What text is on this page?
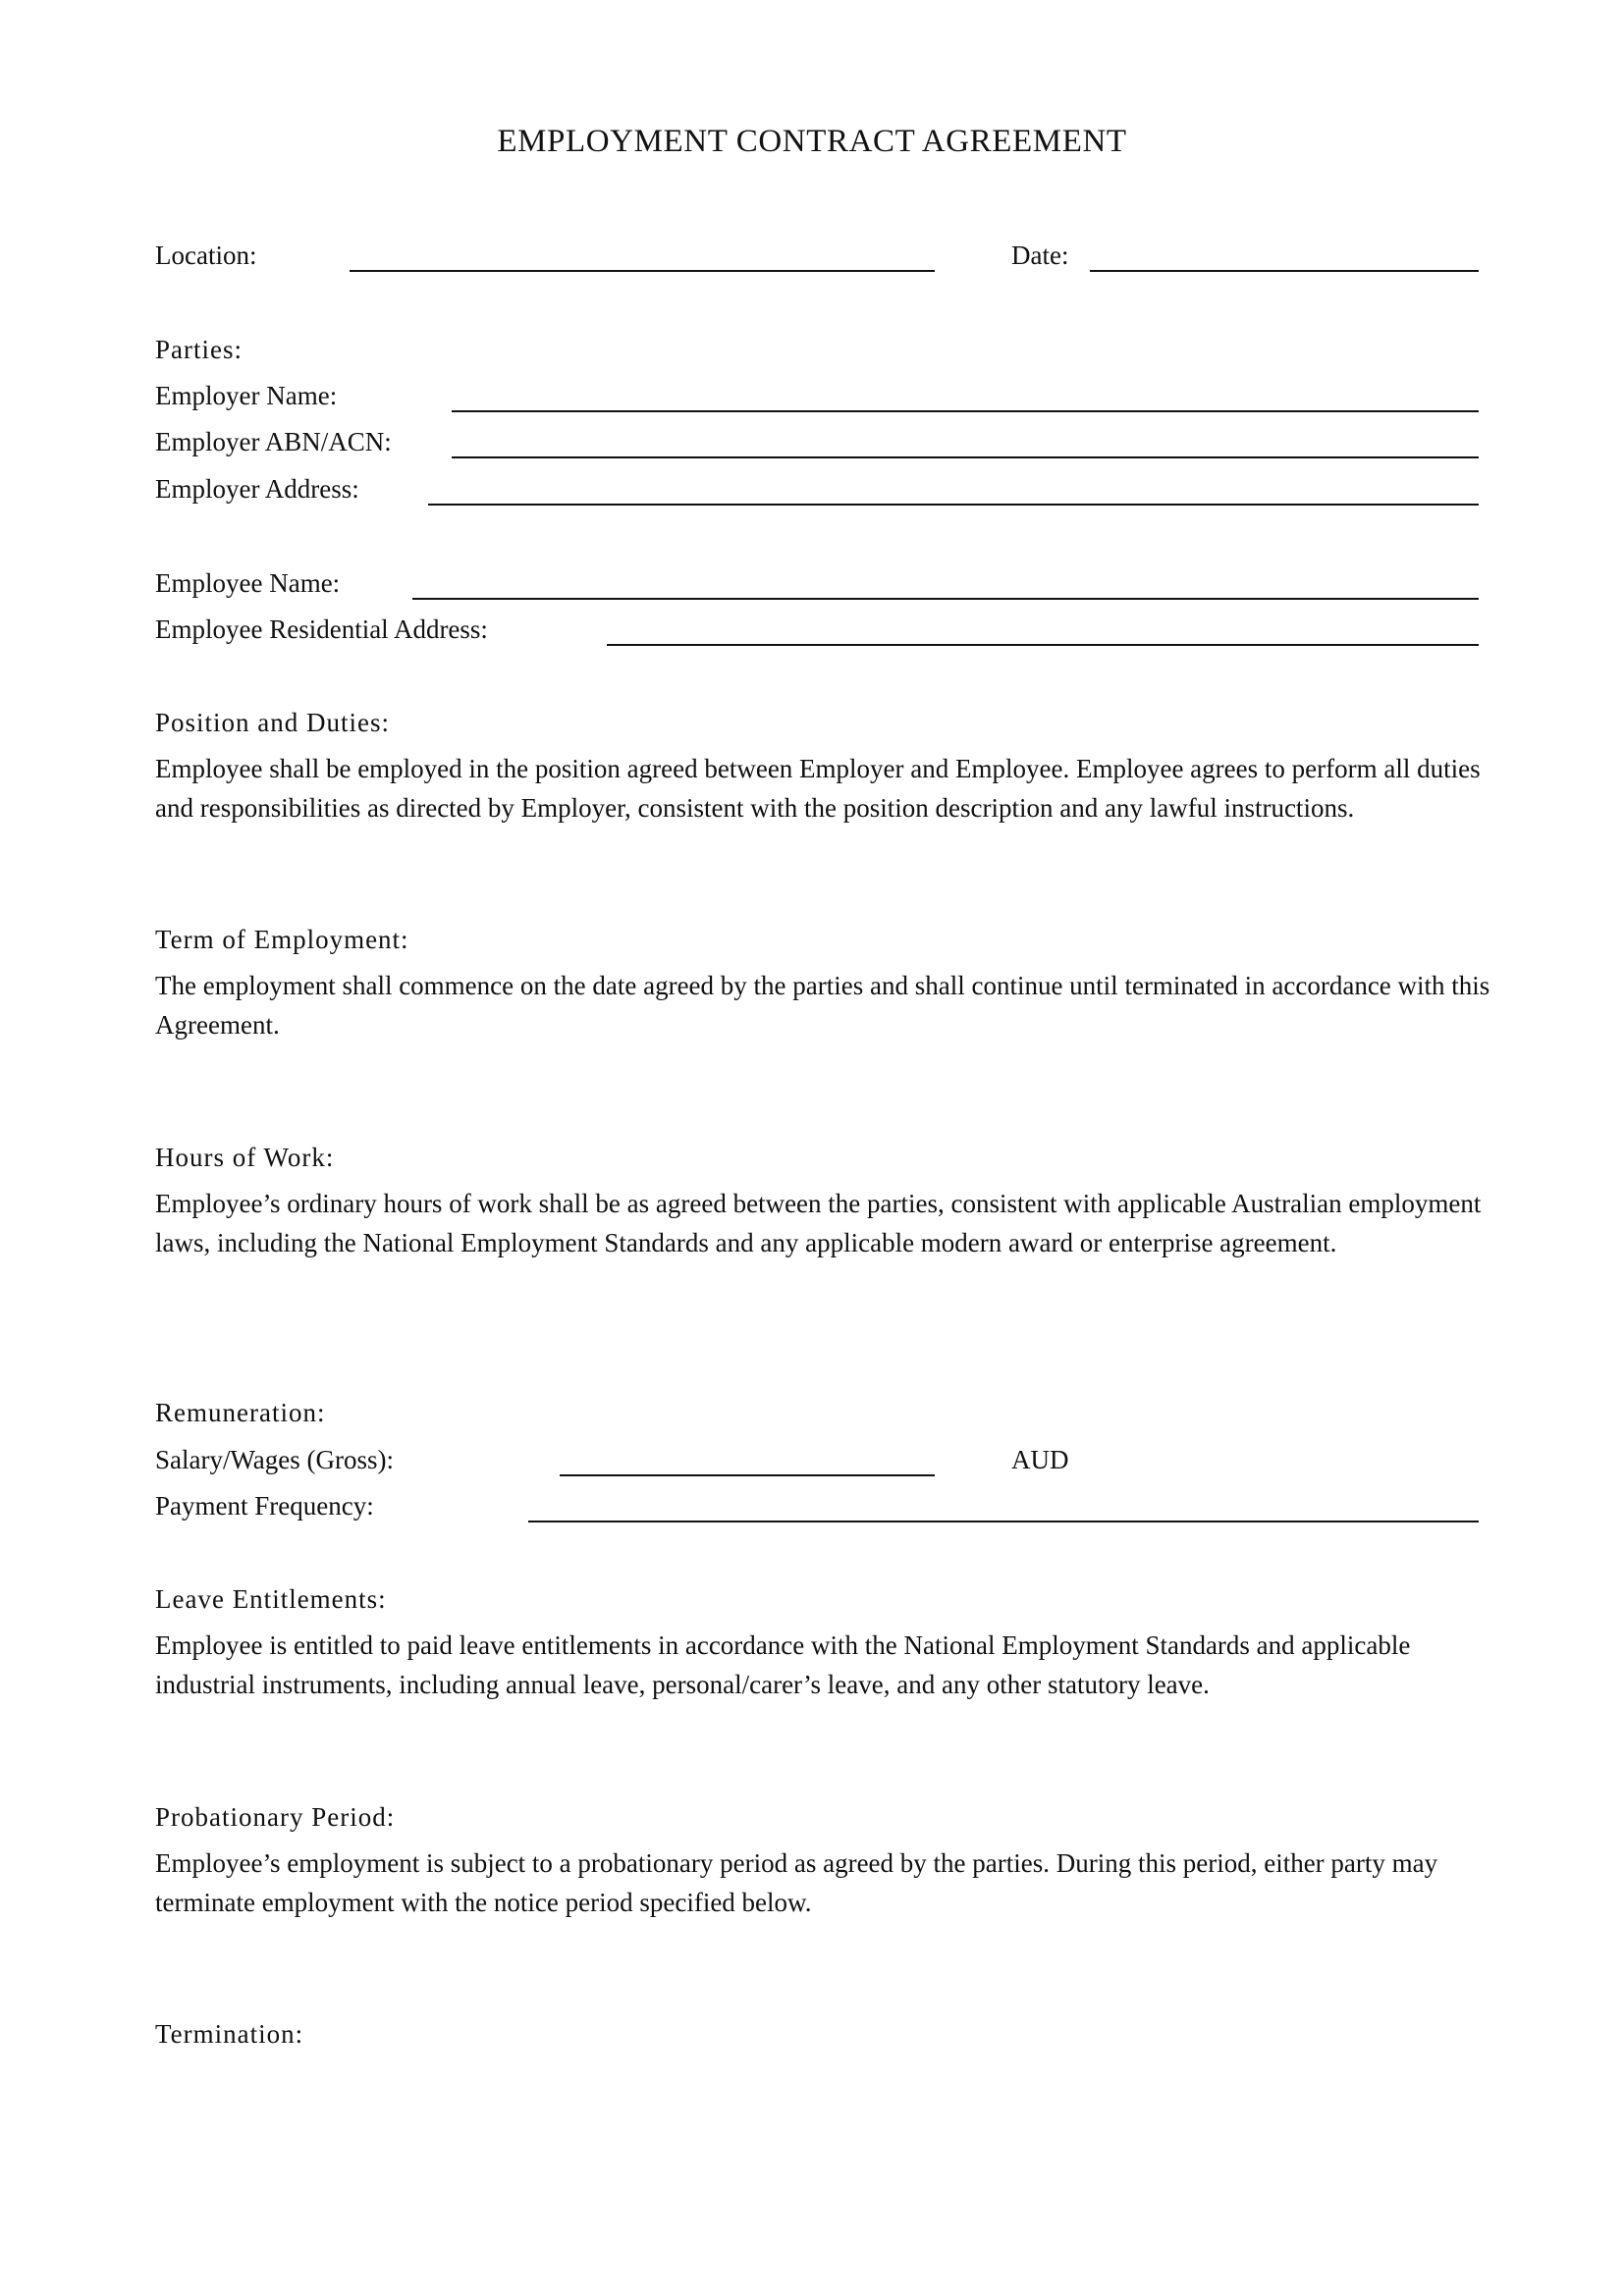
EMPLOYMENT CONTRACT AGREEMENT
Location:	Date:
Parties:
Employer Name:
Employer ABN/ACN:
Employer Address:
Employee Name:
Employee Residential Address:
Position and Duties:
Employee shall be employed in the position agreed between Employer and Employee. Employee agrees to perform all duties and responsibilities as directed by Employer, consistent with the position description and any lawful instructions.
Term of Employment:
The employment shall commence on the date agreed by the parties and shall continue until terminated in accordance with this Agreement.
Hours of Work:
Employee’s ordinary hours of work shall be as agreed between the parties, consistent with applicable Australian employment laws, including the National Employment Standards and any applicable modern award or enterprise agreement.
Remuneration:
Salary/Wages (Gross):	AUD
Payment Frequency:
Leave Entitlements:
Employee is entitled to paid leave entitlements in accordance with the National Employment Standards and applicable industrial instruments, including annual leave, personal/carer’s leave, and any other statutory leave.
Probationary Period:
Employee’s employment is subject to a probationary period as agreed by the parties. During this period, either party may terminate employment with the notice period specified below.
Termination:
